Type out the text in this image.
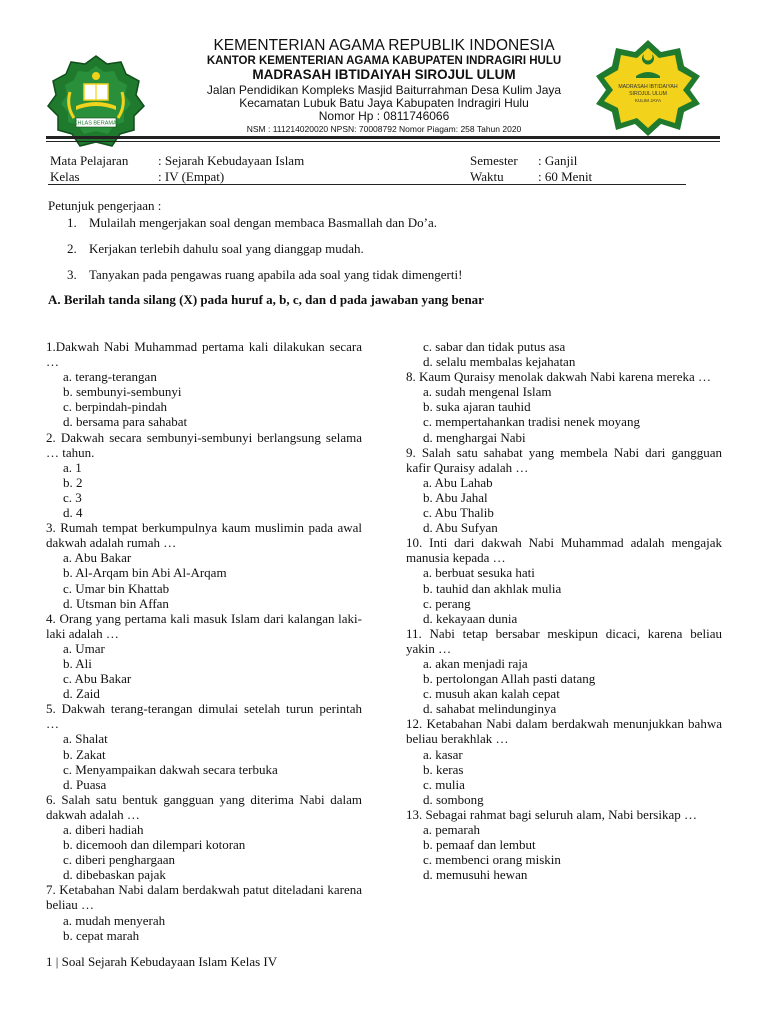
IKHLAS BERAMAL
MADRASAH IBTIDAIYAH
SIROJUL ULUM
KULIM JAYA
KEMENTERIAN AGAMA REPUBLIK INDONESIA
KANTOR KEMENTERIAN AGAMA KABUPATEN INDRAGIRI HULU
MADRASAH IBTIDAIYAH SIROJUL ULUM
Jalan Pendidikan Kompleks Masjid Baiturrahman Desa Kulim Jaya
Kecamatan Lubuk Batu Jaya Kabupaten Indragiri Hulu
Nomor Hp : 0811746066
NSM : 111214020020 NPSN: 70008792 Nomor Piagam: 258 Tahun 2020
Mata Pelajaran : Sejarah Kebudayaan Islam	Semester : Ganjil
Kelas	: IV (Empat)	Waktu	: 60 Menit
Petunjuk pengerjaan :
1. Mulailah mengerjakan soal dengan membaca Basmallah dan Do’a.
2. Kerjakan terlebih dahulu soal yang dianggap mudah.
3. Tanyakan pada pengawas ruang apabila ada soal yang tidak dimengerti!
A. Berilah tanda silang (X) pada huruf a, b, c, dan d pada jawaban yang benar
1.Dakwah Nabi Muhammad pertama kali dilakukan secara …
a. terang-terangan
b. sembunyi-sembunyi
c. berpindah-pindah
d. bersama para sahabat
2. Dakwah secara sembunyi-sembunyi berlangsung selama … tahun.
a. 1
b. 2
c. 3
d. 4
3. Rumah tempat berkumpulnya kaum muslimin pada awal dakwah adalah rumah …
a. Abu Bakar
b. Al-Arqam bin Abi Al-Arqam
c. Umar bin Khattab
d. Utsman bin Affan
4. Orang yang pertama kali masuk Islam dari kalangan laki-laki adalah …
a. Umar
b. Ali
c. Abu Bakar
d. Zaid
5. Dakwah terang-terangan dimulai setelah turun perintah …
a. Shalat
b. Zakat
c. Menyampaikan dakwah secara terbuka
d. Puasa
6. Salah satu bentuk gangguan yang diterima Nabi dalam dakwah adalah …
a. diberi hadiah
b. dicemooh dan dilempari kotoran
c. diberi penghargaan
d. dibebaskan pajak
7. Ketabahan Nabi dalam berdakwah patut diteladani karena beliau …
a. mudah menyerah
b. cepat marah
c. sabar dan tidak putus asa
d. selalu membalas kejahatan
8. Kaum Quraisy menolak dakwah Nabi karena mereka …
a. sudah mengenal Islam
b. suka ajaran tauhid
c. mempertahankan tradisi nenek moyang
d. menghargai Nabi
9. Salah satu sahabat yang membela Nabi dari gangguan kafir Quraisy adalah …
a. Abu Lahab
b. Abu Jahal
c. Abu Thalib
d. Abu Sufyan
10. Inti dari dakwah Nabi Muhammad adalah mengajak manusia kepada …
a. berbuat sesuka hati
b. tauhid dan akhlak mulia
c. perang
d. kekayaan dunia
11. Nabi tetap bersabar meskipun dicaci, karena beliau yakin …
a. akan menjadi raja
b. pertolongan Allah pasti datang
c. musuh akan kalah cepat
d. sahabat melindunginya
12. Ketabahan Nabi dalam berdakwah menunjukkan bahwa beliau berakhlak …
a. kasar
b. keras
c. mulia
d. sombong
13. Sebagai rahmat bagi seluruh alam, Nabi bersikap …
a. pemarah
b. pemaaf dan lembut
c. membenci orang miskin
d. memusuhi hewan
1 | Soal Sejarah Kebudayaan Islam Kelas IV
